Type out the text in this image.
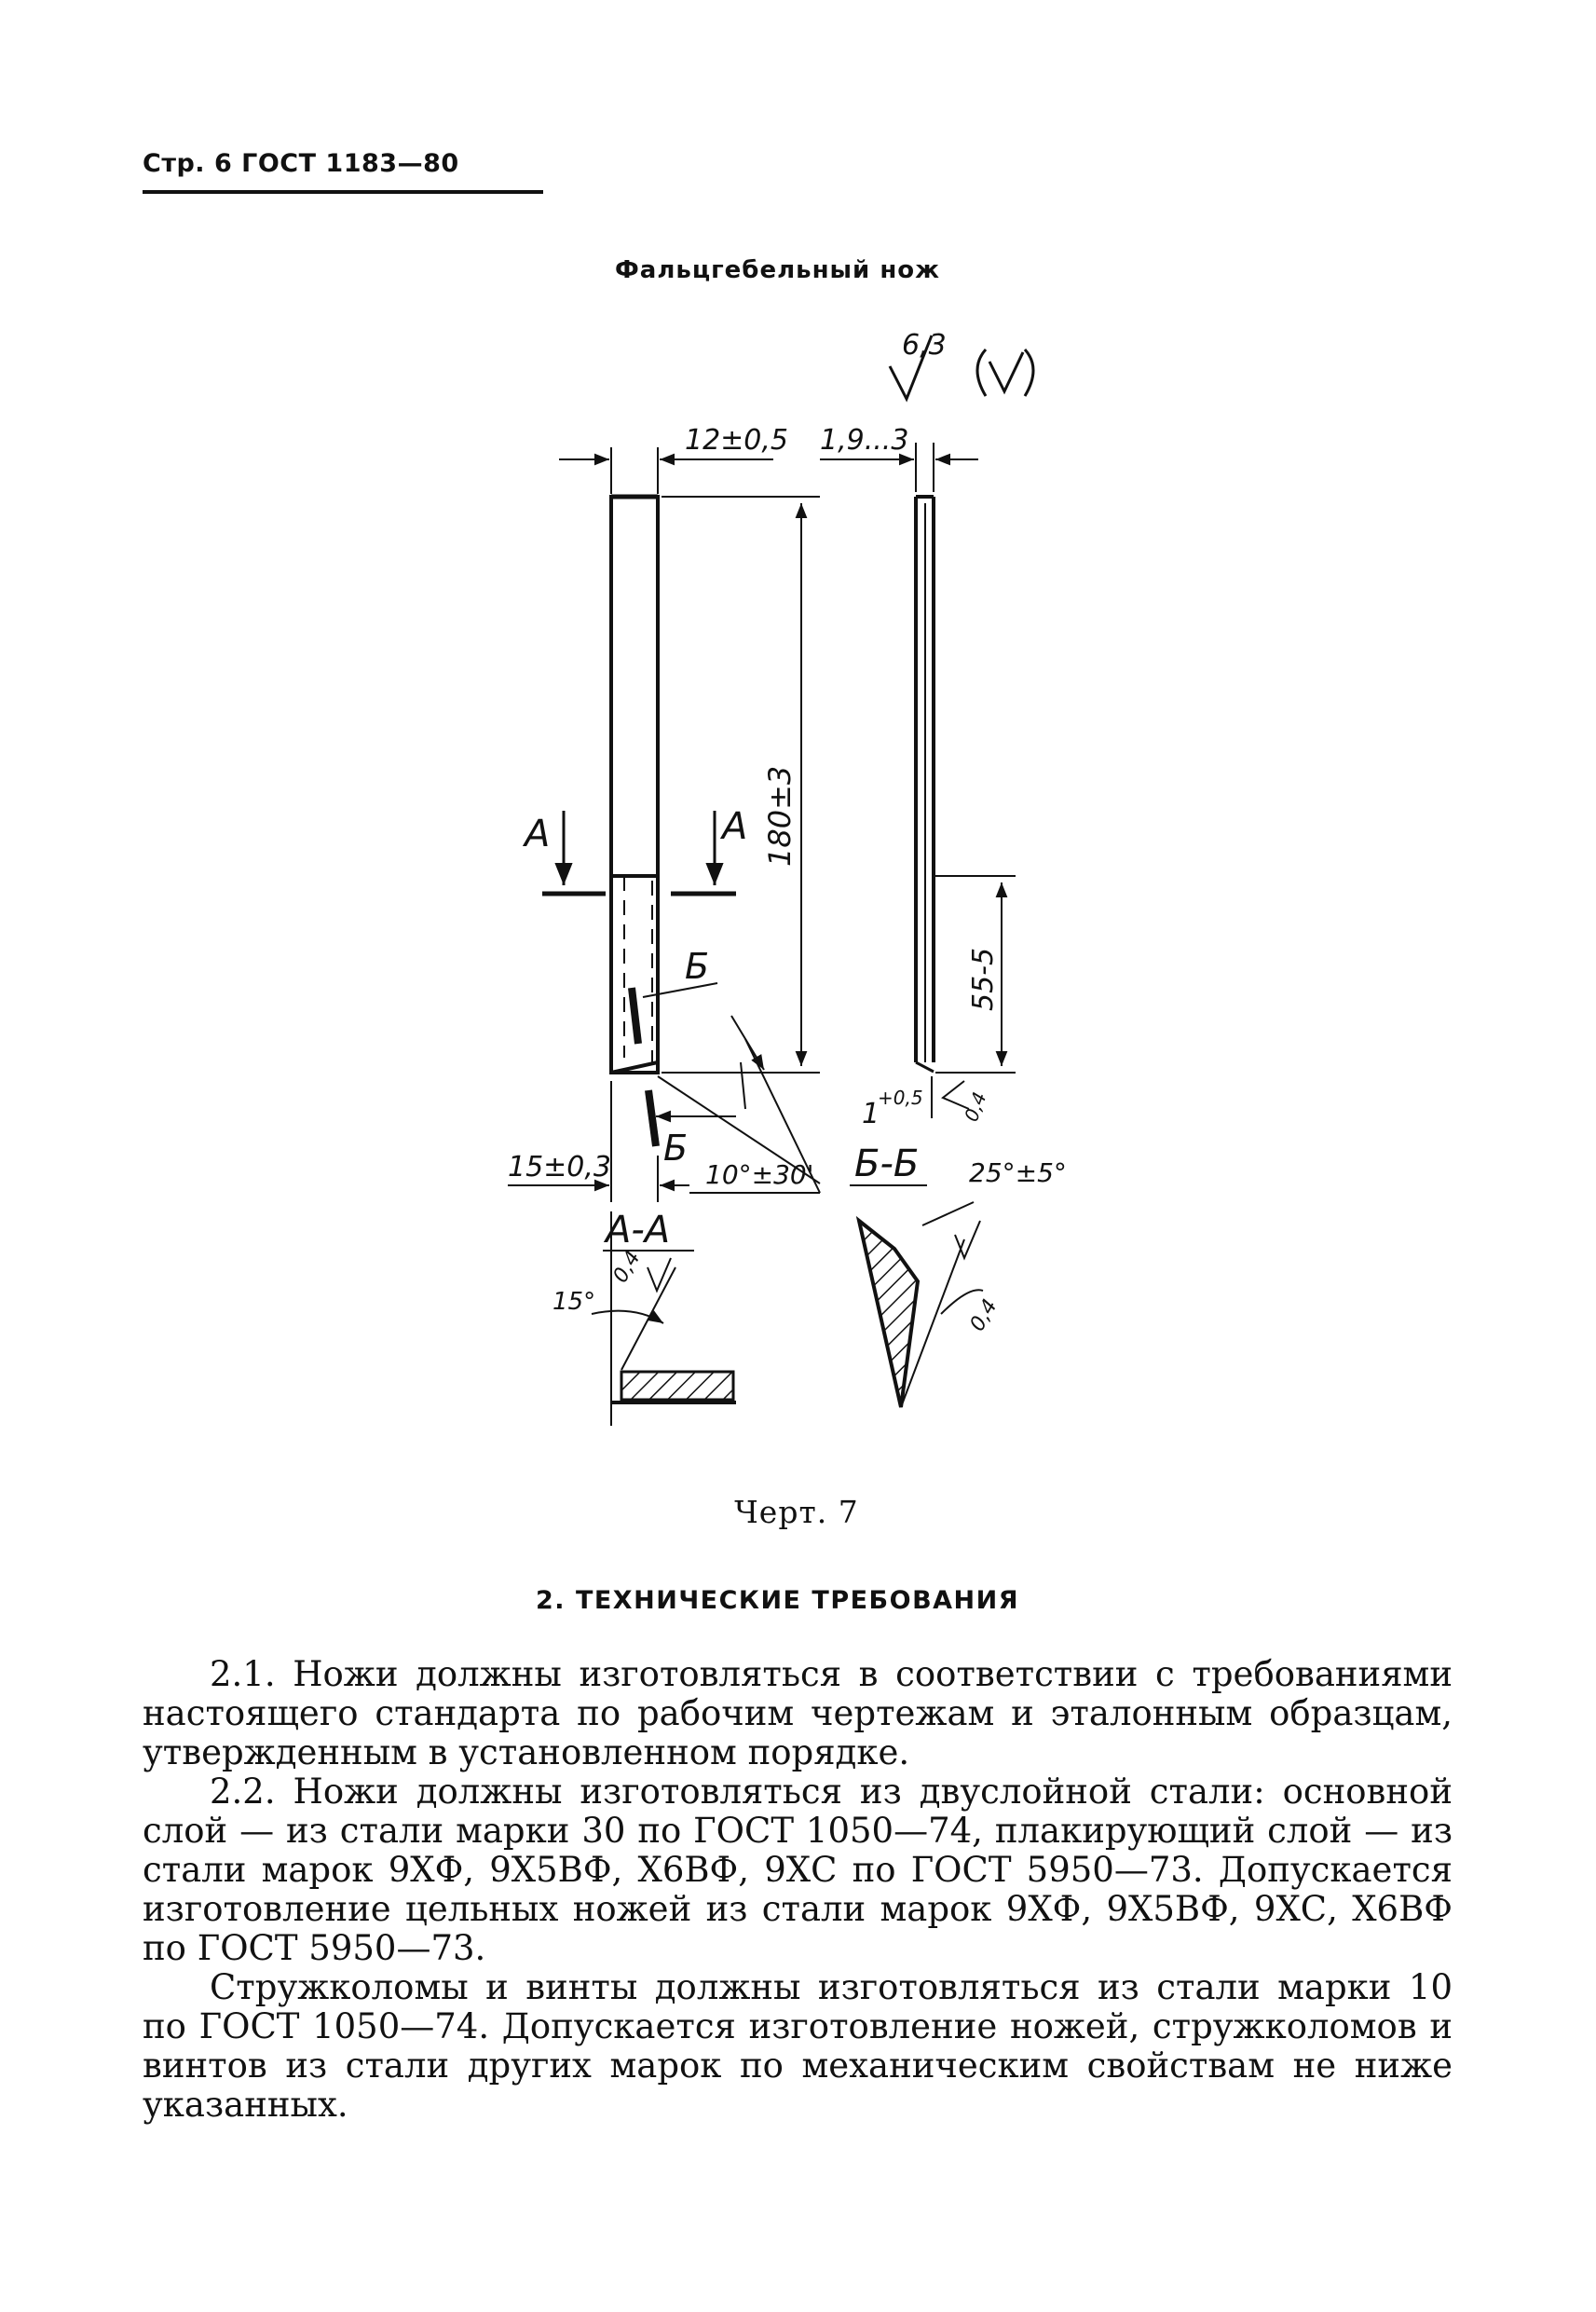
Стр. 6 ГОСТ 1183—80
Фальцгебельный нож
6,3
А	А
12±0,5
180±3
Б
Б
10°±30'
15±0,3
А-А
15°
0,4
1,9...3
55-5
1
+0,5 0,4
Б-Б 25°±5°
0,4
Черт. 7
2. ТЕХНИЧЕСКИЕ ТРЕБОВАНИЯ

2.1. Ножи должны изготовляться в соответствии с требованиями настоящего стандарта по рабочим чертежам и эталонным образцам, утвержденным в установленном порядке.

2.2. Ножи должны изготовляться из двуслойной стали: основной слой — из стали марки 30 по ГОСТ 1050—74, плакирующий слой — из стали марок 9ХФ, 9Х5ВФ, Х6ВФ, 9ХС по ГОСТ 5950—73. Допускается изготовление цельных ножей из стали марок 9ХФ, 9Х5ВФ, 9ХС, Х6ВФ по ГОСТ 5950—73.

Стружколомы и винты должны изготовляться из стали марки 10 по ГОСТ 1050—74. Допускается изготовление ножей, стружколомов и винтов из стали других марок по механическим свойствам не ниже указанных.
